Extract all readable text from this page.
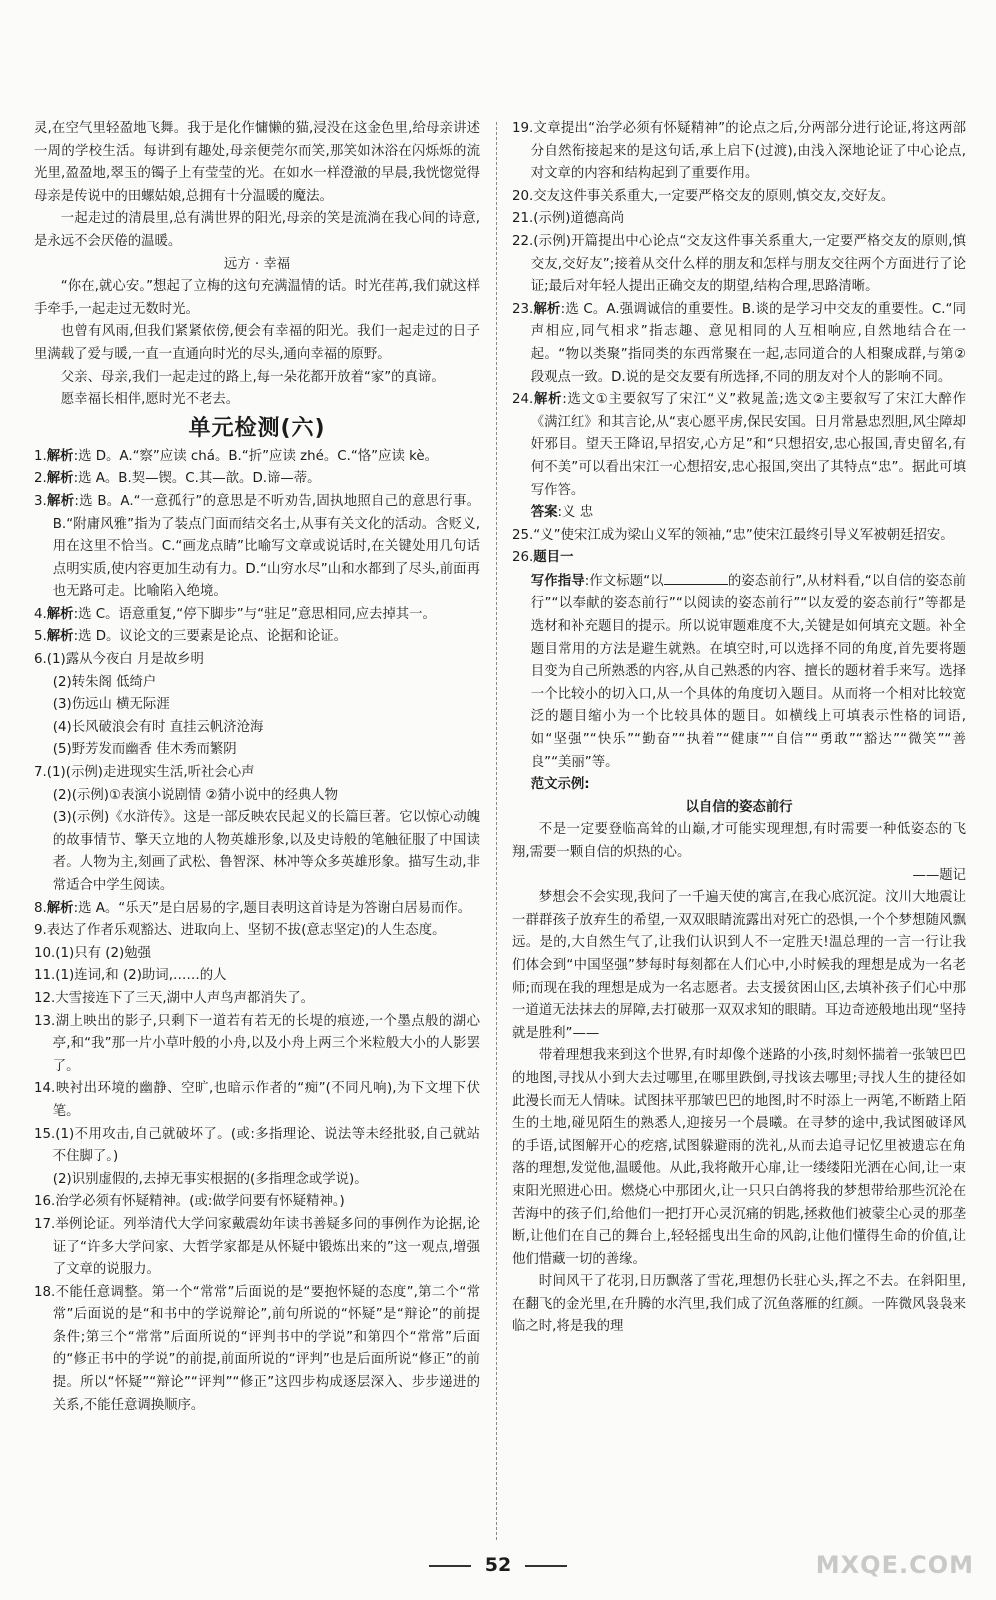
灵,在空气里轻盈地飞舞。我于是化作慵懒的猫,浸没在这金色里,给母亲讲述一周的学校生活。每讲到有趣处,母亲便莞尔而笑,那笑如沐浴在闪烁烁的流光里,盈盈地,翠玉的镯子上有莹莹的光。在如水一样澄澈的早晨,我恍惚觉得母亲是传说中的田螺姑娘,总拥有十分温暖的魔法。

一起走过的清晨里,总有满世界的阳光,母亲的笑是流淌在我心间的诗意,是永远不会厌倦的温暖。

远方 · 幸福

“你在,就心安。”想起了立梅的这句充满温情的话。时光荏苒,我们就这样手牵手,一起走过无数时光。

也曾有风雨,但我们紧紧依傍,便会有幸福的阳光。我们一起走过的日子里满载了爱与暖,一直一直通向时光的尽头,通向幸福的原野。

父亲、母亲,我们一起走过的路上,每一朵花都开放着“家”的真谛。

愿幸福长相伴,愿时光不老去。

单元检测(六)

1.解析:选 D。A.“察”应读 chá。B.“折”应读 zhé。C.“恪”应读 kè。

2.解析:选 A。B.契—锲。C.其—歆。D.谛—蒂。

3.解析:选 B。A.“一意孤行”的意思是不听劝告,固执地照自己的意思行事。B.“附庸风雅”指为了装点门面而结交名士,从事有关文化的活动。含贬义,用在这里不恰当。C.“画龙点睛”比喻写文章或说话时,在关键处用几句话点明实质,使内容更加生动有力。D.“山穷水尽”山和水都到了尽头,前面再也无路可走。比喻陷入绝境。

4.解析:选 C。语意重复,“停下脚步”与“驻足”意思相同,应去掉其一。

5.解析:选 D。议论文的三要素是论点、论据和论证。

6.(1)露从今夜白 月是故乡明

(2)转朱阁 低绮户

(3)伤远山 横无际涯

(4)长风破浪会有时 直挂云帆济沧海

(5)野芳发而幽香 佳木秀而繁阴

7.(1)(示例)走进现实生活,听社会心声

(2)(示例)①表演小说剧情 ②猜小说中的经典人物

(3)(示例)《水浒传》。这是一部反映农民起义的长篇巨著。它以惊心动魄的故事情节、擎天立地的人物英雄形象,以及史诗般的笔触征服了中国读者。人物为主,刻画了武松、鲁智深、林冲等众多英雄形象。描写生动,非常适合中学生阅读。

8.解析:选 A。“乐天”是白居易的字,题目表明这首诗是为答谢白居易而作。

9.表达了作者乐观豁达、进取向上、坚韧不拔(意志坚定)的人生态度。

10.(1)只有 (2)勉强

11.(1)连词,和 (2)助词,……的人

12.大雪接连下了三天,湖中人声鸟声都消失了。

13.湖上映出的影子,只剩下一道若有若无的长堤的痕迹,一个墨点般的湖心亭,和“我”那一片小草叶般的小舟,以及小舟上两三个米粒般大小的人影罢了。

14.映衬出环境的幽静、空旷,也暗示作者的“痴”(不同凡响),为下文埋下伏笔。

15.(1)不用攻击,自己就破坏了。(或:多指理论、说法等未经批驳,自己就站不住脚了。)

(2)识别虚假的,去掉无事实根据的(多指理念或学说)。

16.治学必须有怀疑精神。(或:做学问要有怀疑精神。)

17.举例论证。列举清代大学问家戴震幼年读书善疑多问的事例作为论据,论证了“许多大学问家、大哲学家都是从怀疑中锻炼出来的”这一观点,增强了文章的说服力。

18.不能任意调整。第一个“常常”后面说的是“要抱怀疑的态度”,第二个“常常”后面说的是“和书中的学说辩论”,前句所说的“怀疑”是“辩论”的前提条件;第三个“常常”后面所说的“评判书中的学说”和第四个“常常”后面的“修正书中的学说”的前提,前面所说的“评判”也是后面所说“修正”的前提。所以“怀疑”“辩论”“评判”“修正”这四步构成逐层深入、步步递进的关系,不能任意调换顺序。

19.文章提出“治学必须有怀疑精神”的论点之后,分两部分进行论证,将这两部分自然衔接起来的是这句话,承上启下(过渡),由浅入深地论证了中心论点,对文章的内容和结构起到了重要作用。

20.交友这件事关系重大,一定要严格交友的原则,慎交友,交好友。

21.(示例)道德高尚

22.(示例)开篇提出中心论点“交友这件事关系重大,一定要严格交友的原则,慎交友,交好友”;接着从交什么样的朋友和怎样与朋友交往两个方面进行了论证;最后对年轻人提出正确交友的期望,结构合理,思路清晰。

23.解析:选 C。A.强调诚信的重要性。B.谈的是学习中交友的重要性。C.“同声相应,同气相求”指志趣、意见相同的人互相响应,自然地结合在一起。“物以类聚”指同类的东西常聚在一起,志同道合的人相聚成群,与第②段观点一致。D.说的是交友要有所选择,不同的朋友对个人的影响不同。

24.解析:选文①主要叙写了宋江“义”救晁盖;选文②主要叙写了宋江大醉作《满江红》和其言论,从“衷心愿平虏,保民安国。日月常悬忠烈胆,风尘障却奸邪目。望天王降诏,早招安,心方足”和“只想招安,忠心报国,青史留名,有何不美”可以看出宋江一心想招安,忠心报国,突出了其特点“忠”。据此可填写作答。

答案:义 忠

25.“义”使宋江成为梁山义军的领袖,“忠”使宋江最终引导义军被朝廷招安。

26.题目一

写作指导:作文标题“以	的姿态前行”,从材料看,“以自信的姿态前行”“以奉献的姿态前行”“以阅读的姿态前行”“以友爱的姿态前行”等都是选材和补充题目的提示。所以说审题难度不大,关键是如何填充文题。补全题目常用的方法是避生就熟。在填空时,可以选择不同的角度,首先要将题目变为自己所熟悉的内容,从自己熟悉的内容、擅长的题材着手来写。选择一个比较小的切入口,从一个具体的角度切入题目。从而将一个相对比较宽泛的题目缩小为一个比较具体的题目。如横线上可填表示性格的词语,如“坚强”“快乐”“勤奋”“执着”“健康”“自信”“勇敢”“豁达”“微笑”“善良”“美丽”等。

范文示例:

以自信的姿态前行

不是一定要登临高耸的山巅,才可能实现理想,有时需要一种低姿态的飞翔,需要一颗自信的炽热的心。

——题记

梦想会不会实现,我问了一千遍天使的寓言,在我心底沉淀。汶川大地震让一群群孩子放弃生的希望,一双双眼睛流露出对死亡的恐惧,一个个梦想随风飘远。是的,大自然生气了,让我们认识到人不一定胜天!温总理的一言一行让我们体会到“中国坚强”梦每时每刻都在人们心中,小时候我的理想是成为一名老师;而现在我的理想是成为一名志愿者。去支援贫困山区,去填补孩子们心中那一道道无法抹去的屏障,去打破那一双双求知的眼睛。耳边奇迹般地出现“坚持就是胜利”——

带着理想我来到这个世界,有时却像个迷路的小孩,时刻怀揣着一张皱巴巴的地图,寻找从小到大去过哪里,在哪里跌倒,寻找该去哪里;寻找人生的捷径如此漫长而无人情味。试图抹平那皱巴巴的地图,时不时添上一两笔,不断踏上陌生的土地,碰见陌生的熟悉人,迎接另一个晨曦。在寻梦的途中,我试图破译风的手语,试图解开心的疙瘩,试图躲避雨的洗礼,从而去追寻记忆里被遗忘在角落的理想,发觉他,温暖他。从此,我将敞开心扉,让一缕缕阳光洒在心间,让一束束阳光照进心田。燃烧心中那团火,让一只只白鸽将我的梦想带给那些沉沦在苦海中的孩子们,给他们一把打开心灵沉痛的钥匙,拯救他们被蒙尘心灵的那垄断,让他们在自己的舞台上,轻轻摇曳出生命的风韵,让他们懂得生命的价值,让他们惜藏一切的善缘。

时间风干了花羽,日历飘落了雪花,理想仍长驻心头,挥之不去。在斜阳里,在翻飞的金光里,在升腾的水汽里,我们成了沉鱼落雁的红颜。一阵微风袅袅来临之时,将是我的理

52	MXQE.COM
